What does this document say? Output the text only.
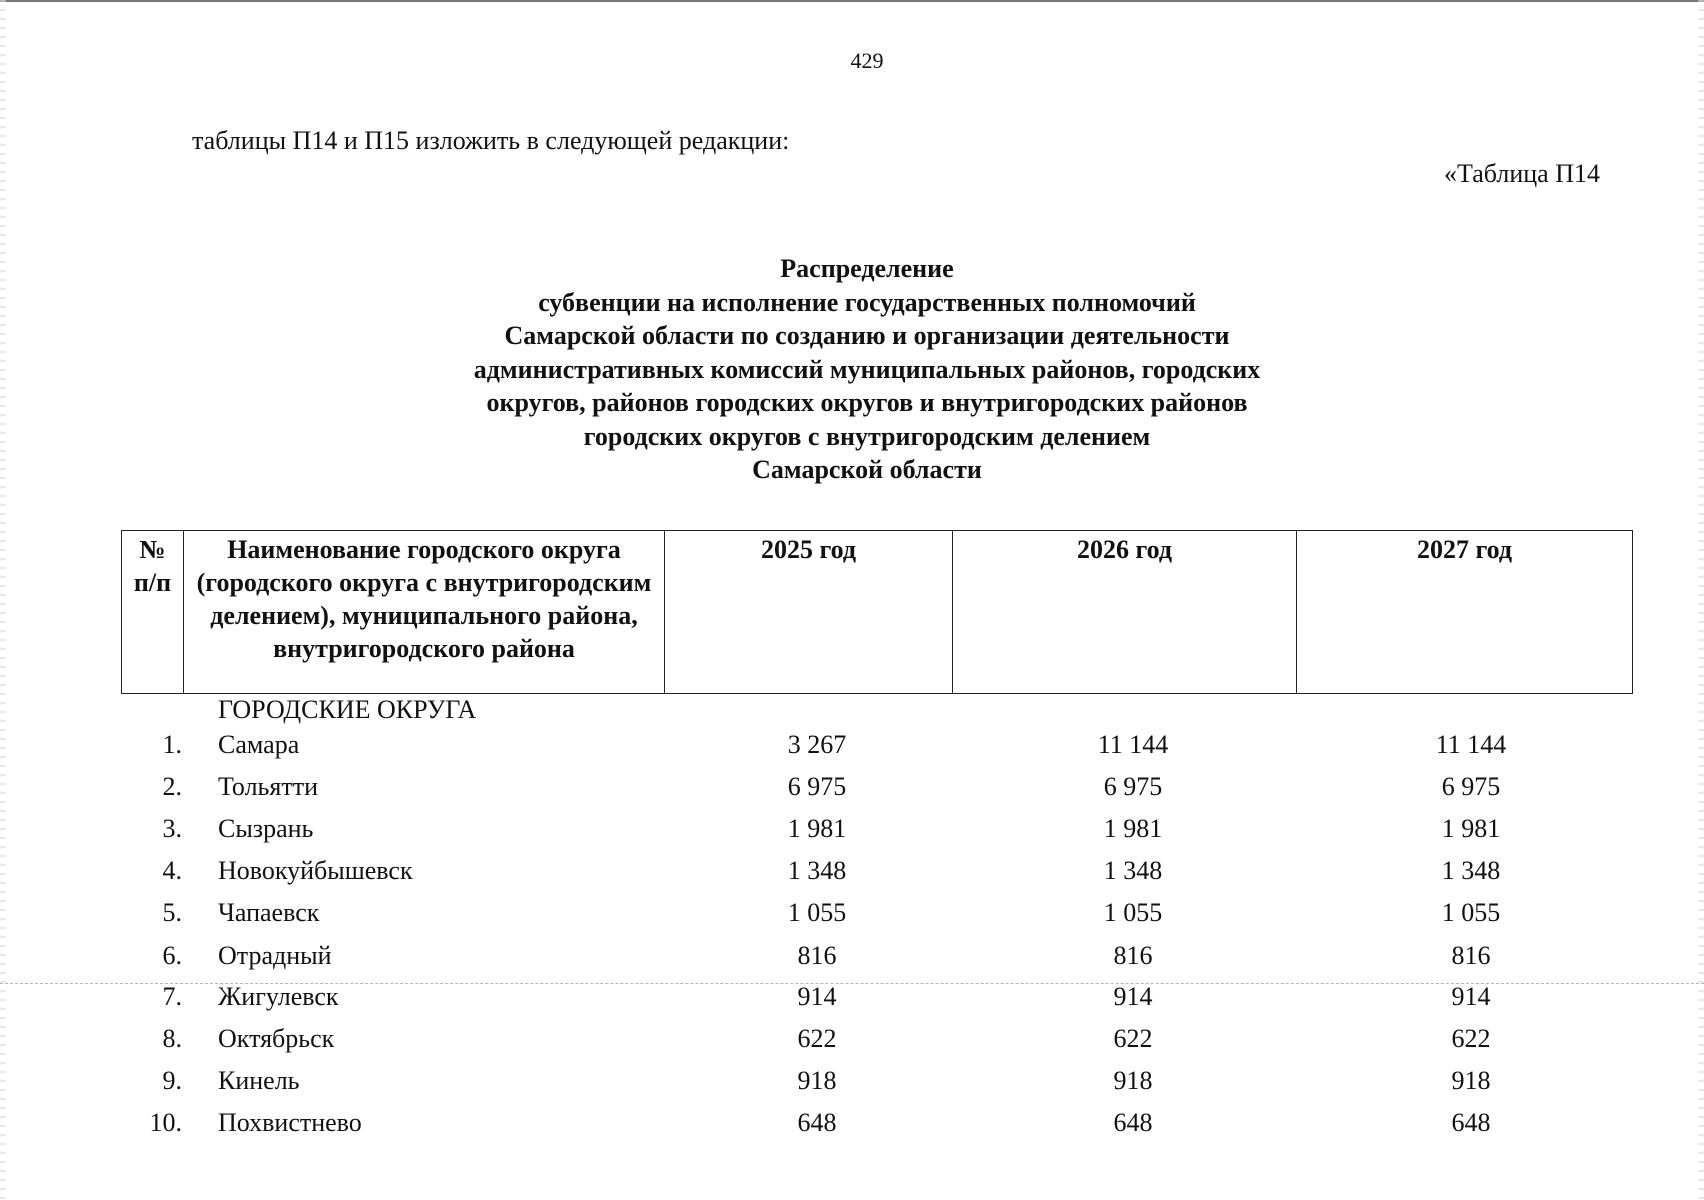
429
таблицы П14 и П15 изложить в следующей редакции:
«Таблица П14
Распределение
субвенции на исполнение государственных полномочий
Самарской области по созданию и организации деятельности
административных комиссий муниципальных районов, городских
округов, районов городских округов и внутригородских районов
городских округов с внутригородским делением
Самарской области
№ п/п	Наименование городского округа (городского округа с внутригородским делением), муниципального района, внутригородского района	2025 год	2026 год	2027 год
ГОРОДСКИЕ ОКРУГА
1. Самара	3 267	11 144	11 144
2. Тольятти	6 975	6 975	6 975
3. Сызрань	1 981	1 981	1 981
4. Новокуйбышевск	1 348	1 348	1 348
5. Чапаевск	1 055	1 055	1 055
6. Отрадный	816	816	816
7. Жигулевск	914	914	914
8. Октябрьск	622	622	622
9. Кинель	918	918	918
10. Похвистнево	648	648	648
